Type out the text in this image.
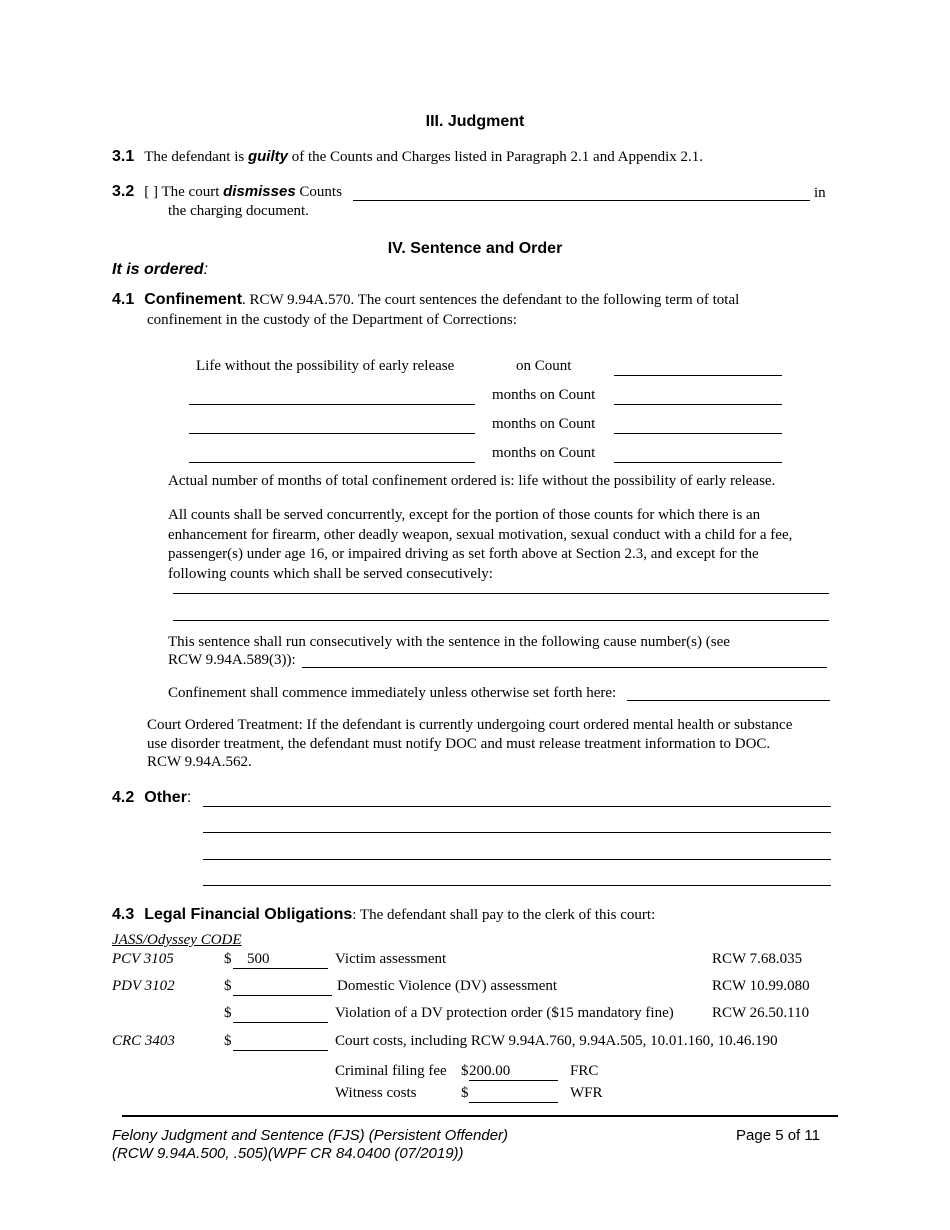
III. Judgment
3.1 The defendant is guilty of the Counts and Charges listed in Paragraph 2.1 and Appendix 2.1.
3.2 [ ] The court dismisses Counts	in
the charging document.
IV. Sentence and Order
It is ordered:
4.1 Confinement. RCW 9.94A.570. The court sentences the defendant to the following term of total
confinement in the custody of the Department of Corrections:
Life without the possibility of early release	on Count
months on Count
months on Count
months on Count
Actual number of months of total confinement ordered is: life without the possibility of early release.
All counts shall be served concurrently, except for the portion of those counts for which there is an
enhancement for firearm, other deadly weapon, sexual motivation, sexual conduct with a child for a fee,
passenger(s) under age 16, or impaired driving as set forth above at Section 2.3, and except for the
following counts which shall be served consecutively:
This sentence shall run consecutively with the sentence in the following cause number(s) (see
RCW 9.94A.589(3)):
Confinement shall commence immediately unless otherwise set forth here:
Court Ordered Treatment: If the defendant is currently undergoing court ordered mental health or substance
use disorder treatment, the defendant must notify DOC and must release treatment information to DOC.
RCW 9.94A.562.
4.2 Other:
4.3 Legal Financial Obligations: The defendant shall pay to the clerk of this court:
JASS/Odyssey CODE
PCV 3105	$	500	Victim assessment	RCW 7.68.035
PDV 3102	$	Domestic Violence (DV) assessment	RCW 10.99.080
$	Violation of a DV protection order ($15 mandatory fine)	RCW 26.50.110
CRC 3403	$	Court costs, including RCW 9.94A.760, 9.94A.505, 10.01.160, 10.46.190
Criminal filing fee $ 200.00	FRC
Witness costs	$	WFR
Felony Judgment and Sentence (FJS) (Persistent Offender)
(RCW 9.94A.500, .505)(WPF CR 84.0400 (07/2019))
Page 5 of 11
